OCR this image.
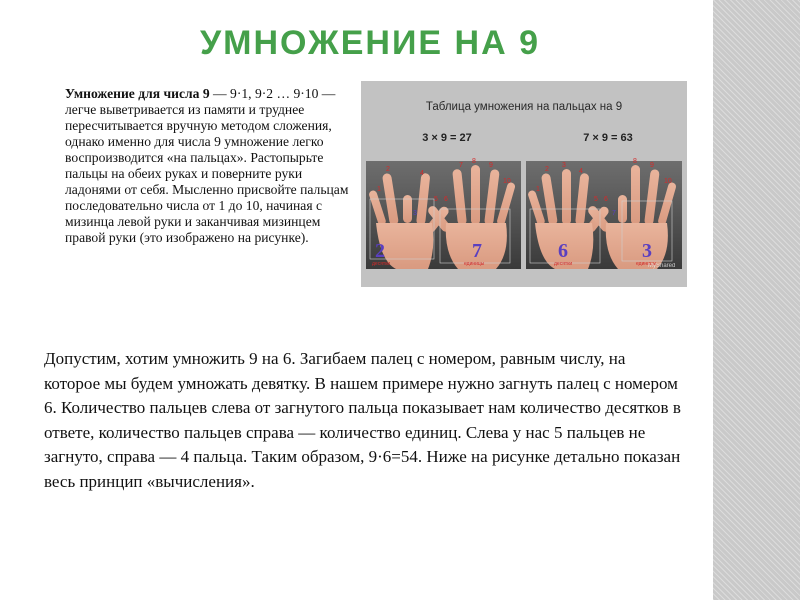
УМНОЖЕНИЕ НА 9
Умножение для числа 9 — 9·1, 9·2 … 9·10 — легче выветривается из памяти и труднее пересчитывается вручную методом сложения, однако именно для числа 9 умножение легко воспроизводится «на пальцах». Растопырьте пальцы на обеих руках и поверните руки ладонями от себя. Мысленно присвойте пальцам последовательно числа от 1 до 10, начиная с мизинца левой руки и заканчивая мизинцем правой руки (это изображено на рисунке).
Таблица умножения на пальцах на 9
3 × 9 = 27	7 × 9 = 63
1
2
3
4
5 6
7
8
9
10
2
десятки
7
единицы
1
2
3
4
5 6
7
8
9
10
6
десятки
3
единицы
MyShared
Допустим, хотим умножить 9 на 6. Загибаем палец с номером, равным числу, на которое мы будем умножать девятку. В нашем примере нужно загнуть палец с номером 6. Количество пальцев слева от загнутого пальца показывает нам количество десятков в ответе, количество пальцев справа — количество единиц. Слева у нас 5 пальцев не загнуто, справа — 4 пальца. Таким образом, 9·6=54. Ниже на рисунке детально показан весь принцип «вычисления».
